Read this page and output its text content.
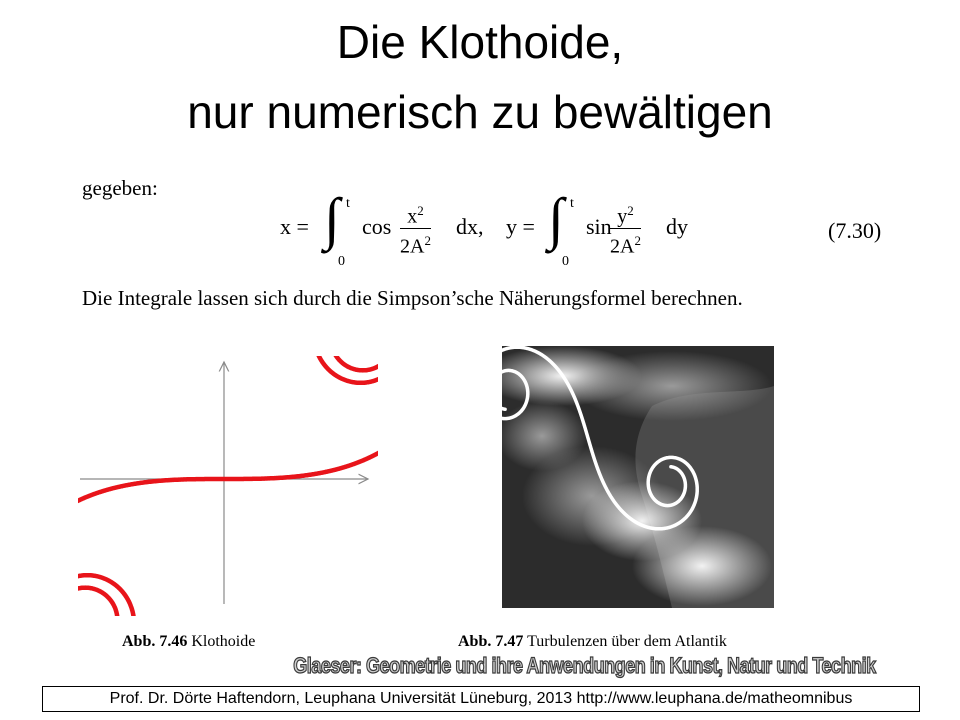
Die Klothoide,
nur numerisch zu bewältigen
gegeben:
x = ∫ t
0
$\cos \frac{x^2}{2A^2}$ dx, y = ∫ t
0
sin
$\frac{y^2}{2A^2}$ dy	(7.30)
Die Integrale lassen sich durch die Simpson’sche Näherungsformel berechnen.
Abb. 7.46 Klothoide	Abb. 7.47 Turbulenzen über dem Atlantik
Glaeser: Geometrie und ihre Anwendungen in Kunst, Natur und Technik
Prof. Dr. Dörte Haftendorn, Leuphana Universität Lüneburg, 2013 http://www.leuphana.de/matheomnibus
